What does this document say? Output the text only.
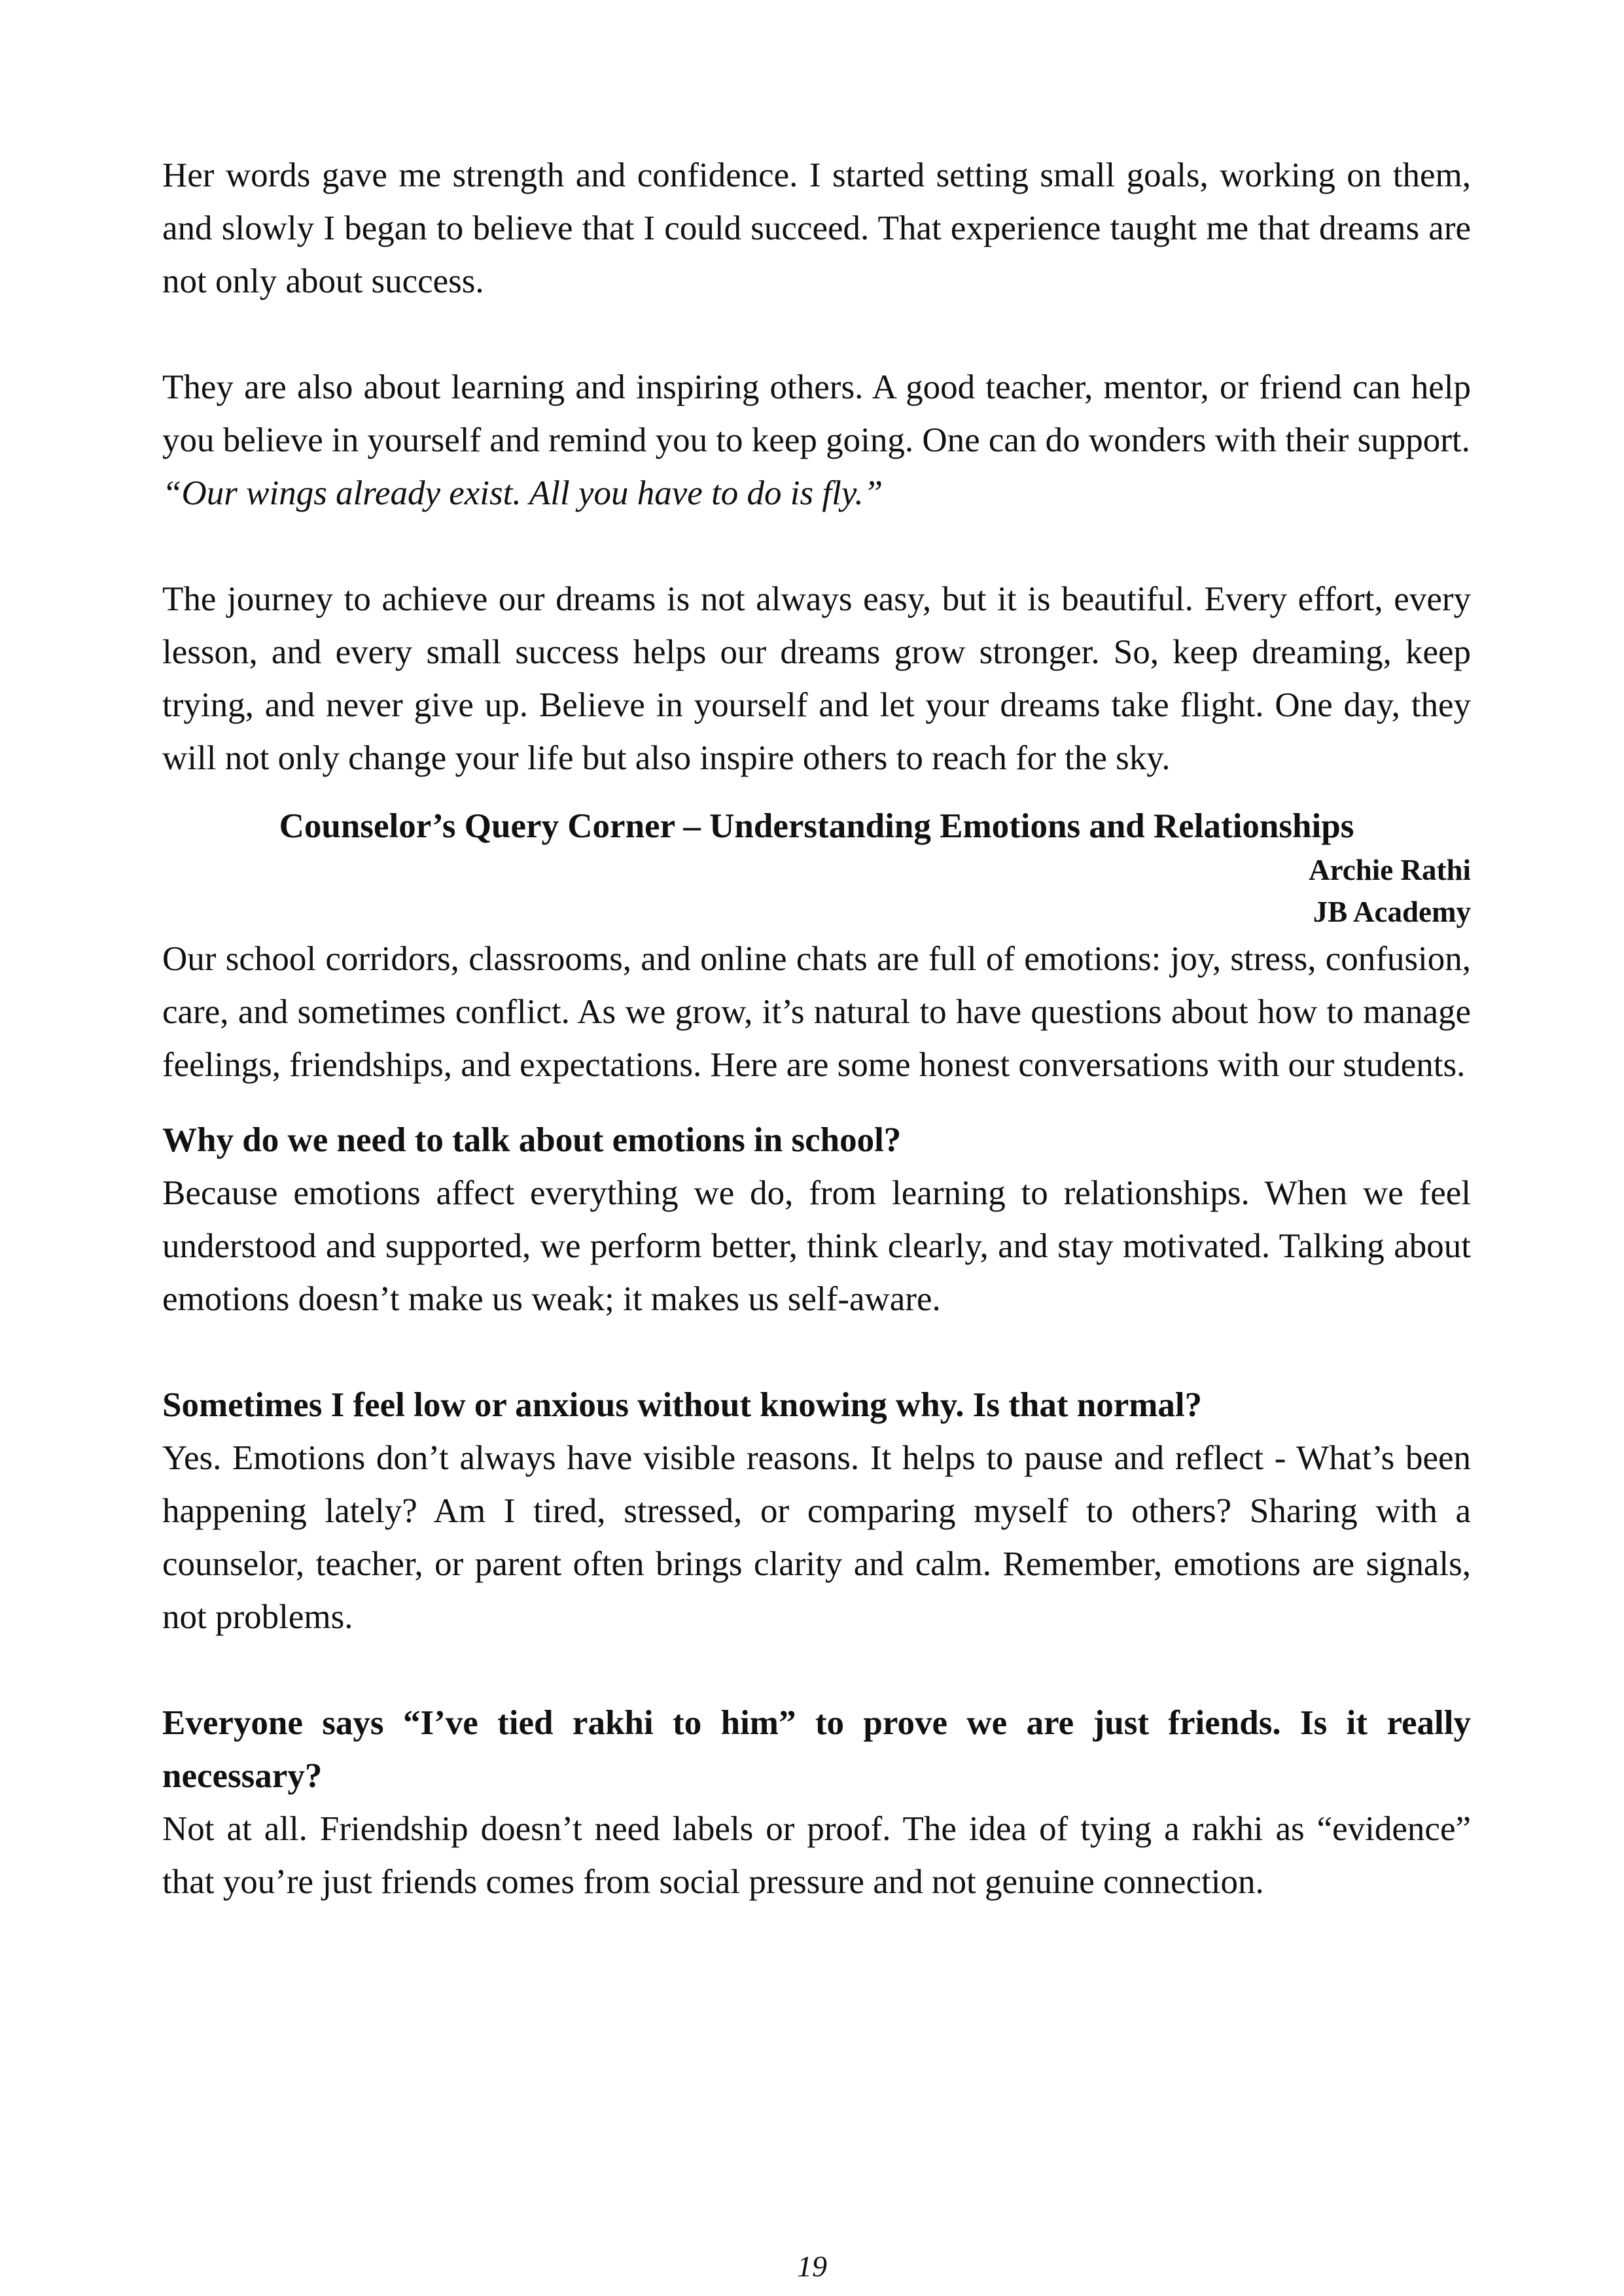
Her words gave me strength and confidence. I started setting small goals, working on them, and slowly I began to believe that I could succeed. That experience taught me that dreams are not only about success.

They are also about learning and inspiring others. A good teacher, mentor, or friend can help you believe in yourself and remind you to keep going. One can do wonders with their support.

“Our wings already exist. All you have to do is fly.”

The journey to achieve our dreams is not always easy, but it is beautiful. Every effort, every lesson, and every small success helps our dreams grow stronger. So, keep dreaming, keep trying, and never give up. Believe in yourself and let your dreams take flight. One day, they will not only change your life but also inspire others to reach for the sky.

Counselor’s Query Corner – Understanding Emotions and Relationships
Archie Rathi
JB Academy

Our school corridors, classrooms, and online chats are full of emotions: joy, stress, confusion, care, and sometimes conflict. As we grow, it’s natural to have questions about how to manage feelings, friendships, and expectations. Here are some honest conversations with our students.

Why do we need to talk about emotions in school?

Because emotions affect everything we do, from learning to relationships. When we feel understood and supported, we perform better, think clearly, and stay motivated. Talking about emotions doesn’t make us weak; it makes us self-aware.

Sometimes I feel low or anxious without knowing why. Is that normal?

Yes. Emotions don’t always have visible reasons. It helps to pause and reflect - What’s been happening lately? Am I tired, stressed, or comparing myself to others? Sharing with a counselor, teacher, or parent often brings clarity and calm. Remember, emotions are signals, not problems.

Everyone says “I’ve tied rakhi to him” to prove we are just friends. Is it really necessary?

Not at all. Friendship doesn’t need labels or proof. The idea of tying a rakhi as “evidence” that you’re just friends comes from social pressure and not genuine connection.

19
